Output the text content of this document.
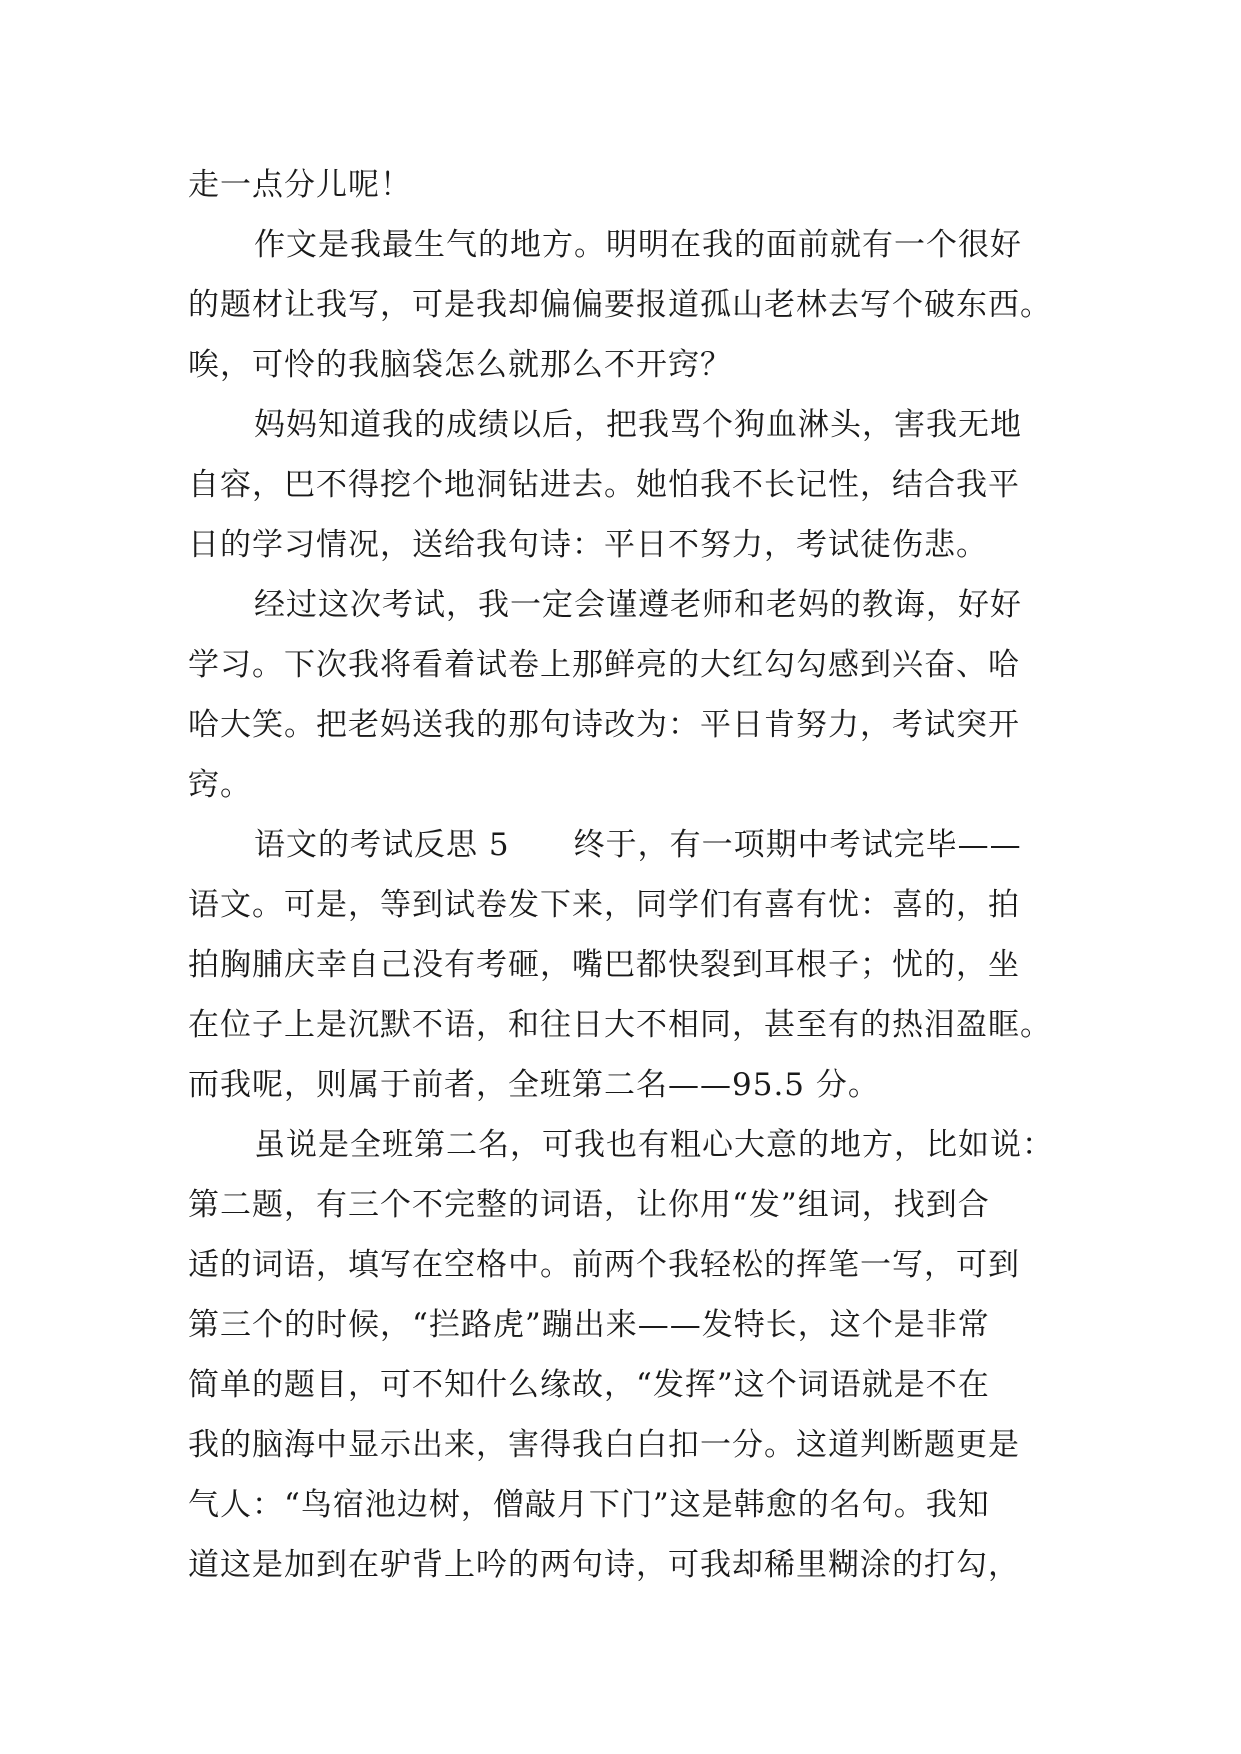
走一点分儿呢！
作文是我最生气的地方。明明在我的面前就有一个很好
的题材让我写，可是我却偏偏要报道孤山老林去写个破东西。
唉，可怜的我脑袋怎么就那么不开窍？
妈妈知道我的成绩以后，把我骂个狗血淋头，害我无地
自容，巴不得挖个地洞钻进去。她怕我不长记性，结合我平
日的学习情况，送给我句诗：平日不努力，考试徒伤悲。
经过这次考试，我一定会谨遵老师和老妈的教诲，好好
学习。下次我将看着试卷上那鲜亮的大红勾勾感到兴奋、哈
哈大笑。把老妈送我的那句诗改为：平日肯努力，考试突开
窍。
语文的考试反思 5　　终于，有一项期中考试完毕——
语文。可是，等到试卷发下来，同学们有喜有忧：喜的，拍
拍胸脯庆幸自己没有考砸，嘴巴都快裂到耳根子；忧的，坐
在位子上是沉默不语，和往日大不相同，甚至有的热泪盈眶。
而我呢，则属于前者，全班第二名——95.5 分。
虽说是全班第二名，可我也有粗心大意的地方，比如说：
第二题，有三个不完整的词语，让你用“发”组词，找到合
适的词语，填写在空格中。前两个我轻松的挥笔一写，可到
第三个的时候，“拦路虎”蹦出来——发特长，这个是非常
简单的题目，可不知什么缘故，“发挥”这个词语就是不在
我的脑海中显示出来，害得我白白扣一分。这道判断题更是
气人：“鸟宿池边树，僧敲月下门”这是韩愈的名句。我知
道这是加到在驴背上吟的两句诗，可我却稀里糊涂的打勾，
